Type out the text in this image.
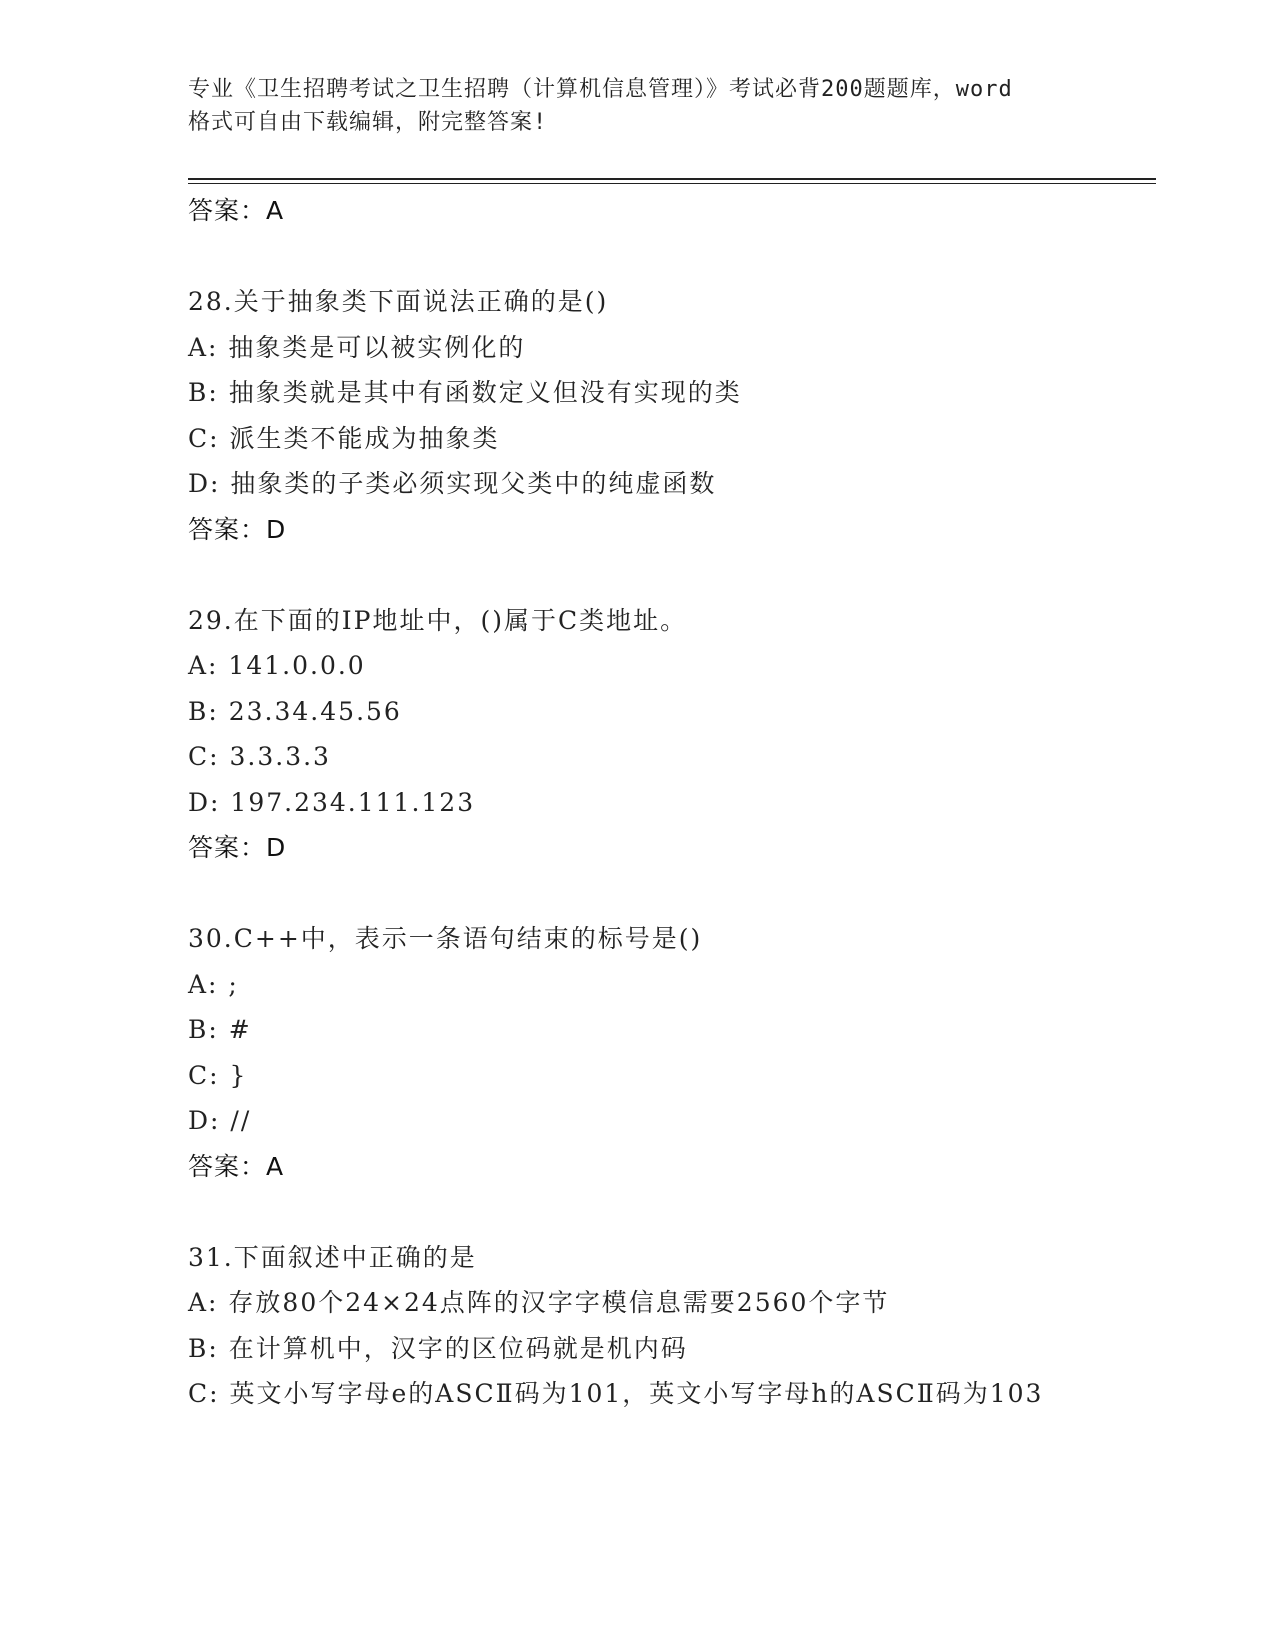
专业《卫生招聘考试之卫生招聘（计算机信息管理）》考试必背200题题库，word
格式可自由下载编辑，附完整答案!
答案：A
28.关于抽象类下面说法正确的是()
A: 抽象类是可以被实例化的
B: 抽象类就是其中有函数定义但没有实现的类
C: 派生类不能成为抽象类
D: 抽象类的子类必须实现父类中的纯虚函数
答案：D
29.在下面的IP地址中，()属于C类地址。
A: 141.0.0.0
B: 23.34.45.56
C: 3.3.3.3
D: 197.234.111.123
答案：D
30.C++中，表示一条语句结束的标号是()
A: ;
B: #
C: }
D: //
答案：A
31.下面叙述中正确的是
A: 存放80个24×24点阵的汉字字模信息需要2560个字节
B: 在计算机中，汉字的区位码就是机内码
C: 英文小写字母e的ASCⅡ码为101，英文小写字母h的ASCⅡ码为103
